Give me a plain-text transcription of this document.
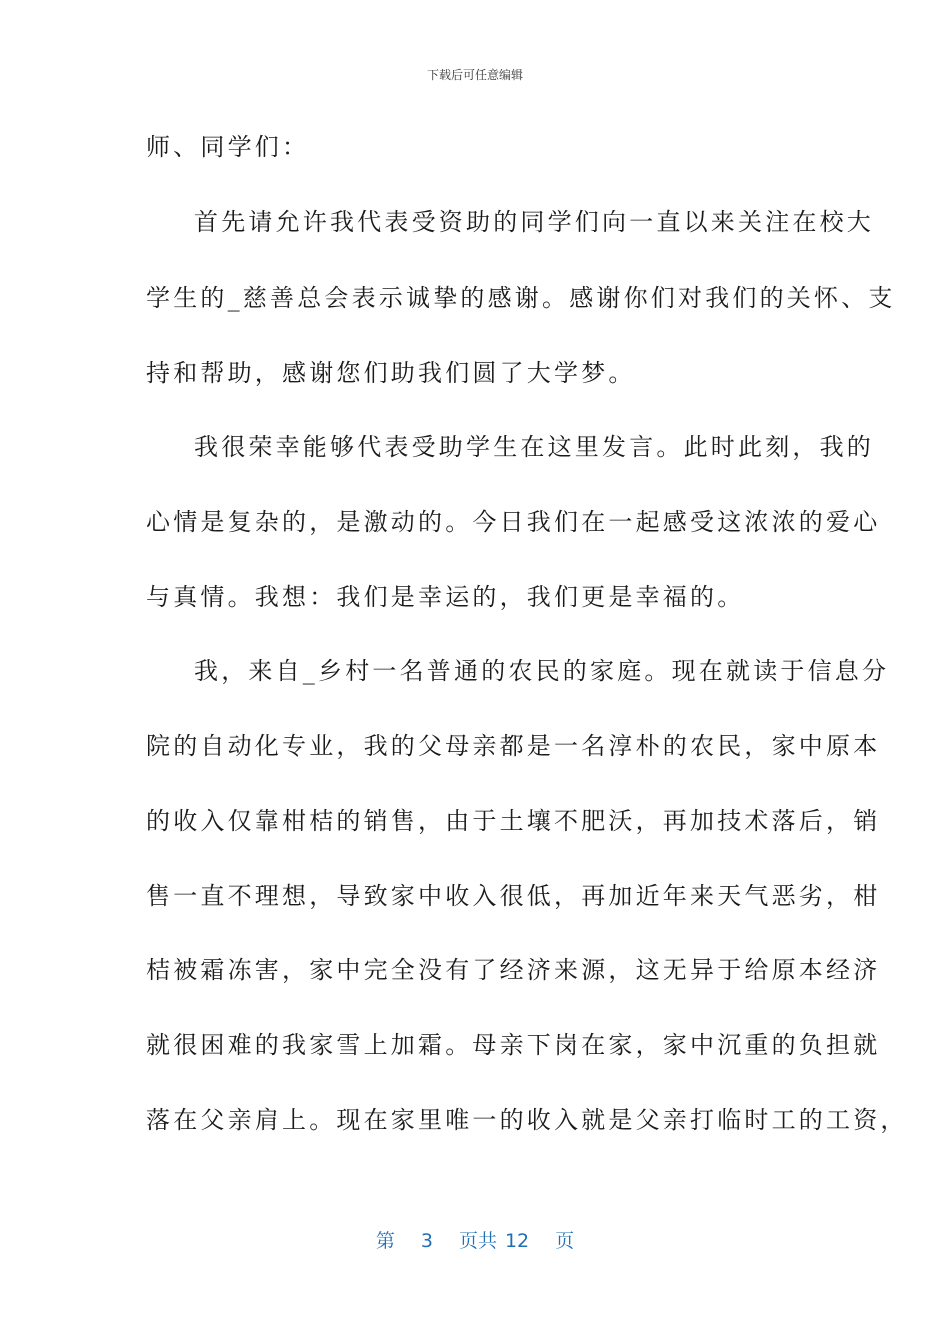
下载后可任意编辑
师、同学们：
首先请允许我代表受资助的同学们向一直以来关注在校大
学生的_慈善总会表示诚挚的感谢。感谢你们对我们的关怀、支
持和帮助，感谢您们助我们圆了大学梦。
我很荣幸能够代表受助学生在这里发言。此时此刻，我的
心情是复杂的，是激动的。今日我们在一起感受这浓浓的爱心
与真情。我想：我们是幸运的，我们更是幸福的。
我，来自_乡村一名普通的农民的家庭。现在就读于信息分
院的自动化专业，我的父母亲都是一名淳朴的农民，家中原本
的收入仅靠柑桔的销售，由于土壤不肥沃，再加技术落后，销
售一直不理想，导致家中收入很低，再加近年来天气恶劣，柑
桔被霜冻害，家中完全没有了经济来源，这无异于给原本经济
就很困难的我家雪上加霜。母亲下岗在家，家中沉重的负担就
落在父亲肩上。现在家里唯一的收入就是父亲打临时工的工资，
第 3 页共 12 页
